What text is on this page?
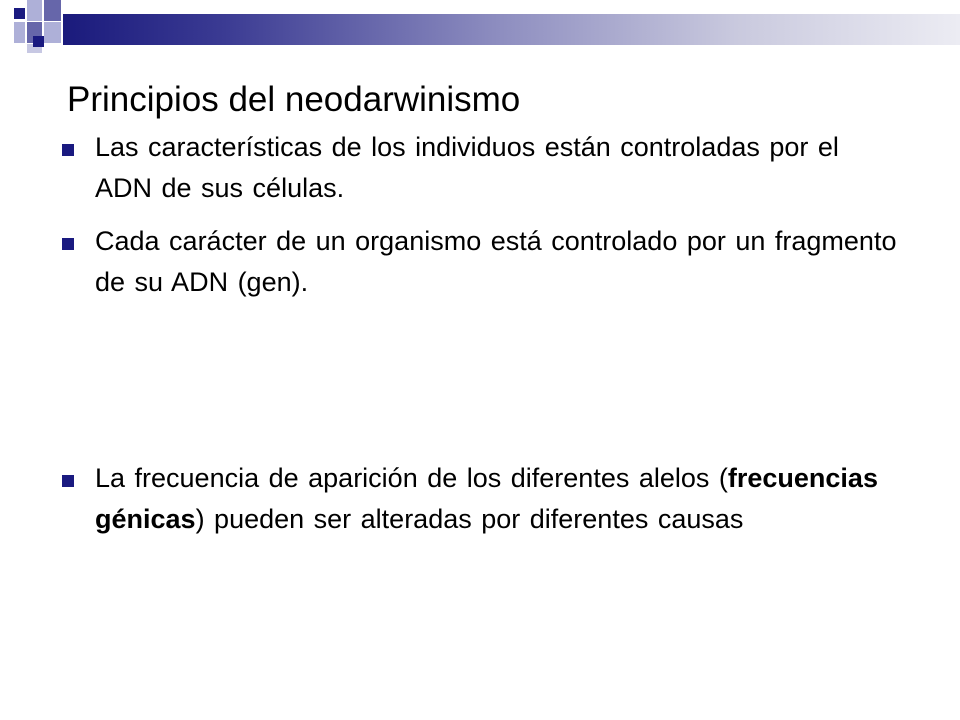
Principios del neodarwinismo
Las características de los individuos están controladas por el ADN de sus células.
Cada carácter de un organismo está controlado por un fragmento de su ADN (gen).
La frecuencia de aparición de los diferentes alelos (frecuencias génicas) pueden ser alteradas por diferentes causas
